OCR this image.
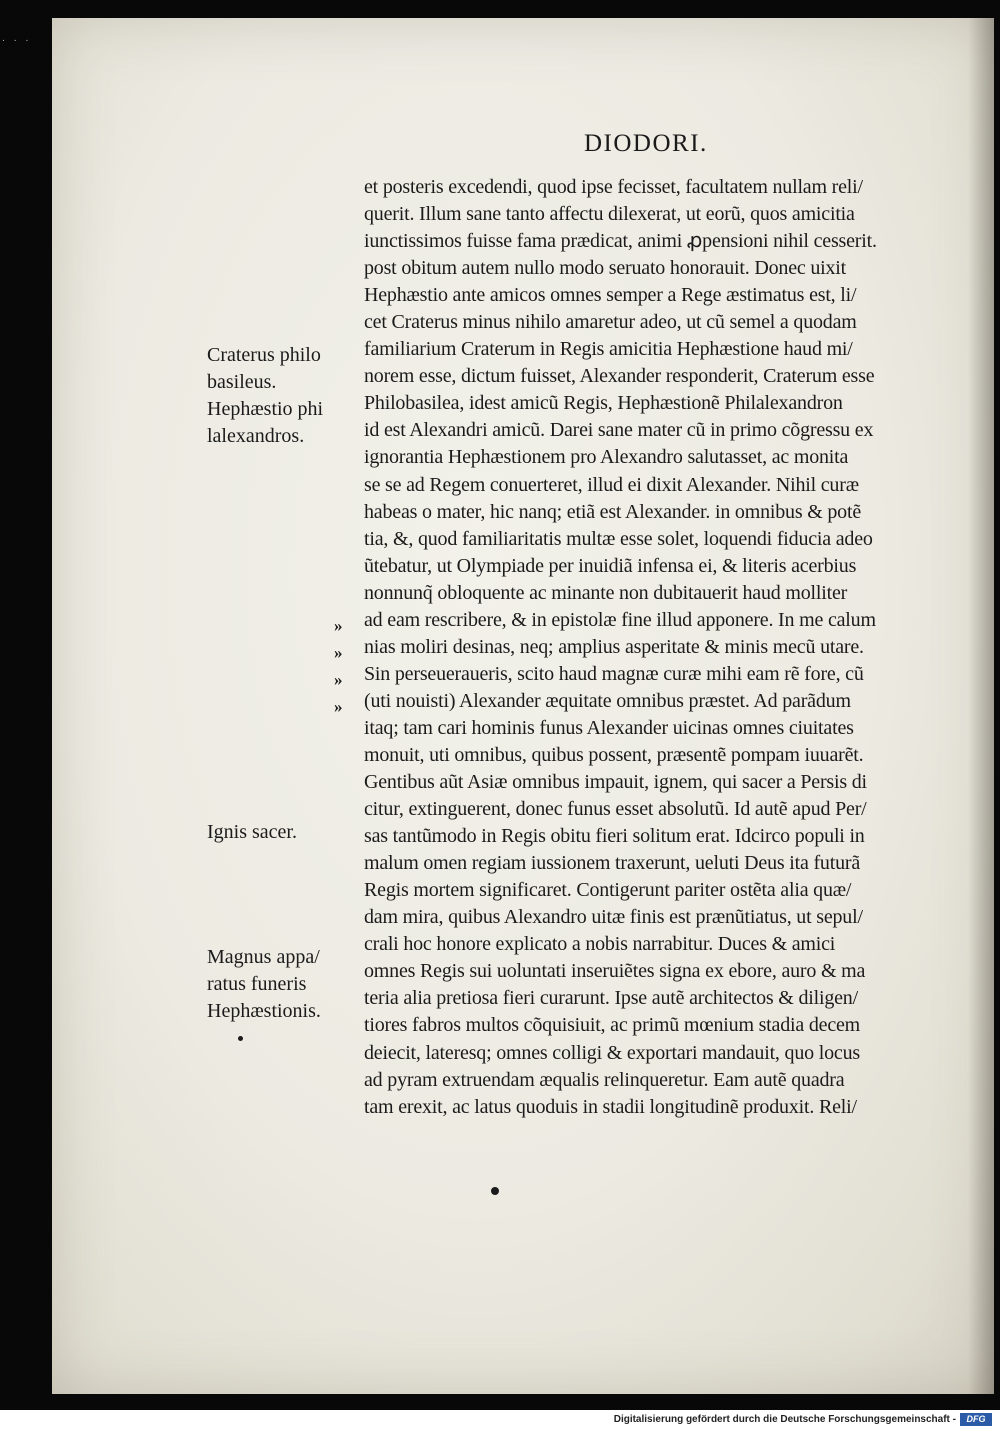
. . .
DIODORI.
et posteris excedendi, quod ipse fecisset, facultatem nullam reli/
querit. Illum sane tanto affectu dilexerat, ut eorũ, quos amicitia
iunctissimos fuisse fama prædicat, animi ꝓpensioni nihil cesserit.
post obitum autem nullo modo seruato honorauit. Donec uixit
Hephæstio ante amicos omnes semper a Rege æstimatus est, li/
cet Craterus minus nihilo amaretur adeo, ut cũ semel a quodam
familiarium Craterum in Regis amicitia Hephæstione haud mi/
norem esse, dictum fuisset, Alexander responderit, Craterum esse
Philobasilea, idest amicũ Regis, Hephæstionẽ Philalexandron
id est Alexandri amicũ. Darei sane mater cũ in primo cõgressu ex
ignorantia Hephæstionem pro Alexandro salutasset, ac monita
se se ad Regem conuerteret, illud ei dixit Alexander. Nihil curæ
habeas o mater, hic nanq; etiã est Alexander. in omnibus & potẽ
tia, &, quod familiaritatis multæ esse solet, loquendi fiducia adeo
ũtebatur, ut Olympiade per inuidiã infensa ei, & literis acerbius
nonnunq̃ obloquente ac minante non dubitauerit haud molliter
ad eam rescribere, & in epistolæ fine illud apponere. In me calum
nias moliri desinas, neq; amplius asperitate & minis mecũ utare.
Sin perseueraueris, scito haud magnæ curæ mihi eam rẽ fore, cũ
(uti nouisti) Alexander æquitate omnibus præstet. Ad parãdum
itaq; tam cari hominis funus Alexander uicinas omnes ciuitates
monuit, uti omnibus, quibus possent, præsentẽ pompam iuuarẽt.
Gentibus aũt Asiæ omnibus impauit, ignem, qui sacer a Persis di
citur, extinguerent, donec funus esset absolutũ. Id autẽ apud Per/
sas tantũmodo in Regis obitu fieri solitum erat. Idcirco populi in
malum omen regiam iussionem traxerunt, ueluti Deus ita futurã
Regis mortem significaret. Contigerunt pariter ostẽta alia quæ/
dam mira, quibus Alexandro uitæ finis est prænũtiatus, ut sepul/
crali hoc honore explicato a nobis narrabitur. Duces & amici
omnes Regis sui uoluntati inseruiẽtes signa ex ebore, auro & ma
teria alia pretiosa fieri curarunt. Ipse autẽ architectos & diligen/
tiores fabros multos cõquisiuit, ac primũ mœnium stadia decem
deiecit, lateresq; omnes colligi & exportari mandauit, quo locus
ad pyram extruendam æqualis relinqueretur. Eam autẽ quadra
tam erexit, ac latus quoduis in stadii longitudinẽ produxit. Reli/
Craterus philo
basileus.
Hephæstio phi
lalexandros.
Ignis sacer.
Magnus appa/
ratus funeris
Hephæstionis.
»
»
»
»
Digitalisierung gefördert durch die Deutsche Forschungsgemeinschaft -	DFG
